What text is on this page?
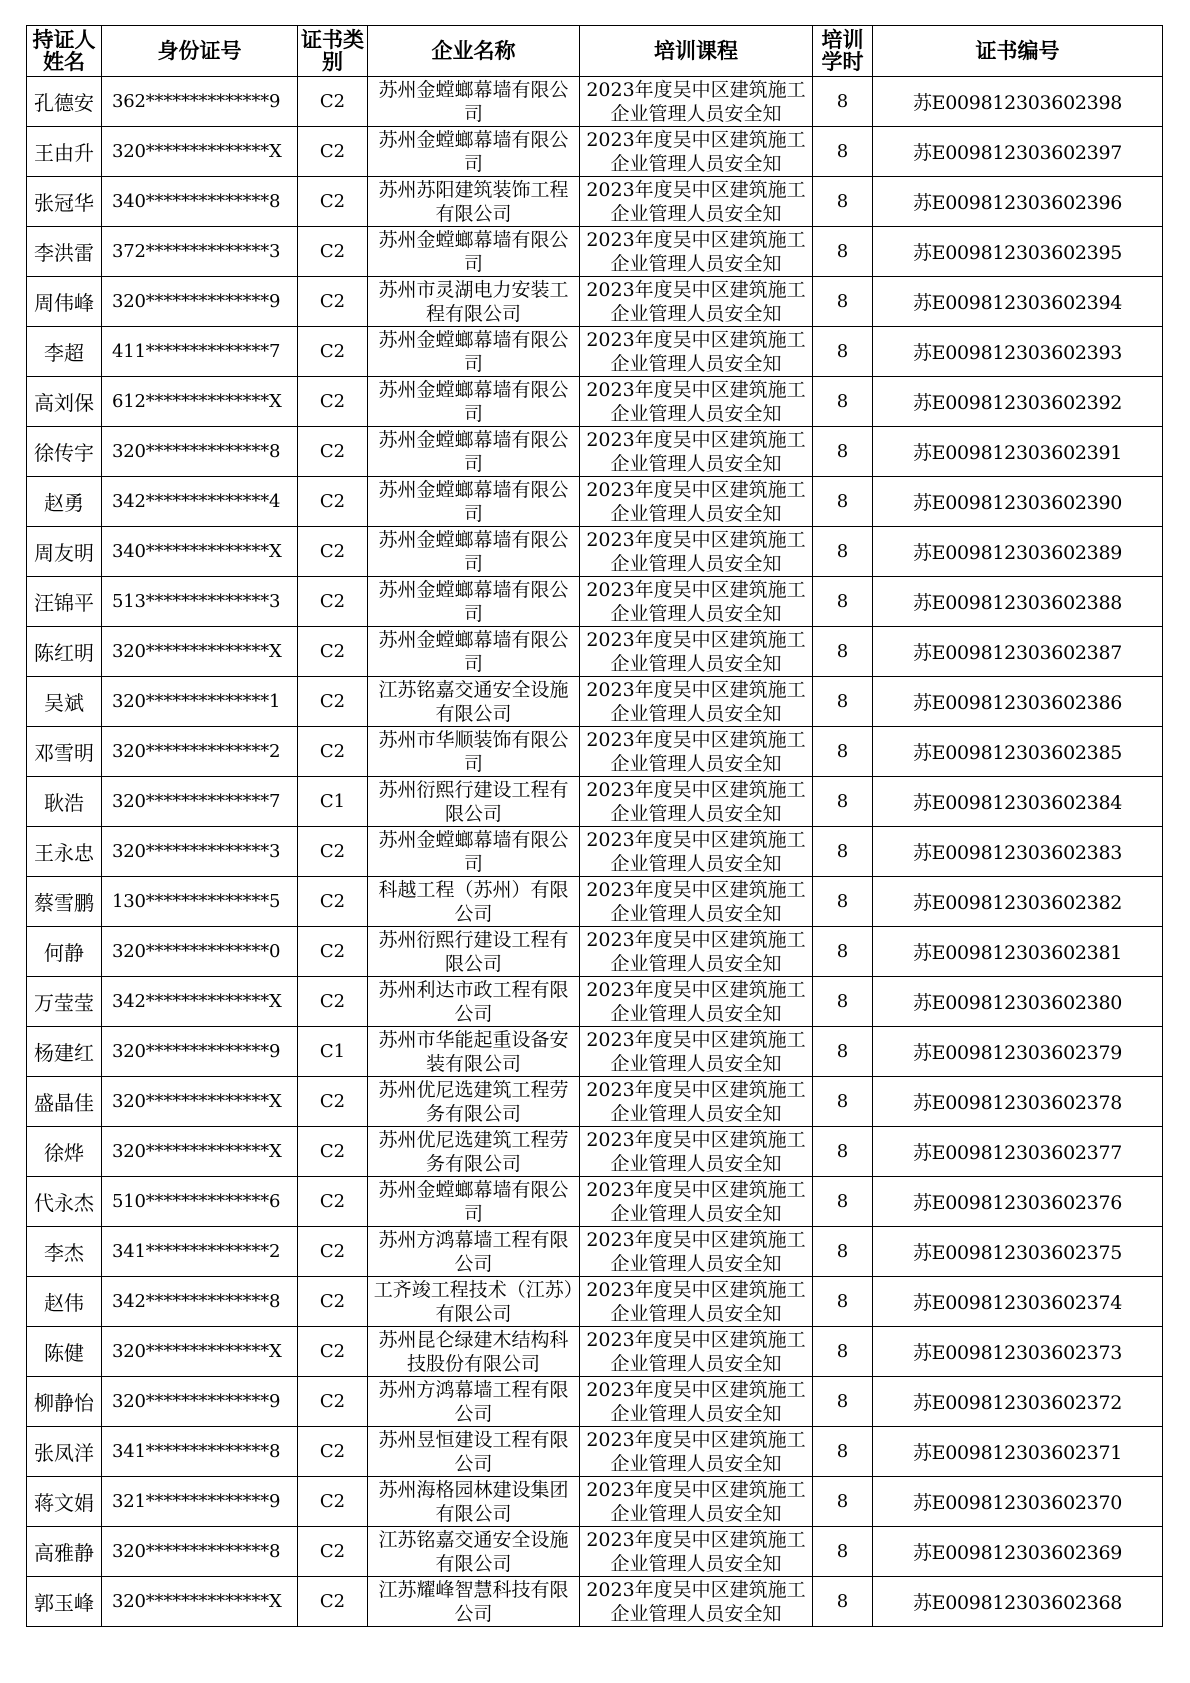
持证人姓名	身份证号	证书类别	企业名称	培训课程	培训学时	证书编号
孔德安	362**************9	C2	苏州金螳螂幕墙有限公司	2023年度吴中区建筑施工企业管理人员安全知	8	苏E009812303602398
王由升	320**************X	C2	苏州金螳螂幕墙有限公司	2023年度吴中区建筑施工企业管理人员安全知	8	苏E009812303602397
张冠华	340**************8	C2	苏州苏阳建筑装饰工程有限公司	2023年度吴中区建筑施工企业管理人员安全知	8	苏E009812303602396
李洪雷	372**************3	C2	苏州金螳螂幕墙有限公司	2023年度吴中区建筑施工企业管理人员安全知	8	苏E009812303602395
周伟峰	320**************9	C2	苏州市灵湖电力安装工程有限公司	2023年度吴中区建筑施工企业管理人员安全知	8	苏E009812303602394
李超	411**************7	C2	苏州金螳螂幕墙有限公司	2023年度吴中区建筑施工企业管理人员安全知	8	苏E009812303602393
高刘保	612**************X	C2	苏州金螳螂幕墙有限公司	2023年度吴中区建筑施工企业管理人员安全知	8	苏E009812303602392
徐传宇	320**************8	C2	苏州金螳螂幕墙有限公司	2023年度吴中区建筑施工企业管理人员安全知	8	苏E009812303602391
赵勇	342**************4	C2	苏州金螳螂幕墙有限公司	2023年度吴中区建筑施工企业管理人员安全知	8	苏E009812303602390
周友明	340**************X	C2	苏州金螳螂幕墙有限公司	2023年度吴中区建筑施工企业管理人员安全知	8	苏E009812303602389
汪锦平	513**************3	C2	苏州金螳螂幕墙有限公司	2023年度吴中区建筑施工企业管理人员安全知	8	苏E009812303602388
陈红明	320**************X	C2	苏州金螳螂幕墙有限公司	2023年度吴中区建筑施工企业管理人员安全知	8	苏E009812303602387
吴斌	320**************1	C2	江苏铭嘉交通安全设施有限公司	2023年度吴中区建筑施工企业管理人员安全知	8	苏E009812303602386
邓雪明	320**************2	C2	苏州市华顺装饰有限公司	2023年度吴中区建筑施工企业管理人员安全知	8	苏E009812303602385
耿浩	320**************7	C1	苏州衍熙行建设工程有限公司	2023年度吴中区建筑施工企业管理人员安全知	8	苏E009812303602384
王永忠	320**************3	C2	苏州金螳螂幕墙有限公司	2023年度吴中区建筑施工企业管理人员安全知	8	苏E009812303602383
蔡雪鹏	130**************5	C2	科越工程（苏州）有限公司	2023年度吴中区建筑施工企业管理人员安全知	8	苏E009812303602382
何静	320**************0	C2	苏州衍熙行建设工程有限公司	2023年度吴中区建筑施工企业管理人员安全知	8	苏E009812303602381
万莹莹	342**************X	C2	苏州利达市政工程有限公司	2023年度吴中区建筑施工企业管理人员安全知	8	苏E009812303602380
杨建红	320**************9	C1	苏州市华能起重设备安装有限公司	2023年度吴中区建筑施工企业管理人员安全知	8	苏E009812303602379
盛晶佳	320**************X	C2	苏州优尼选建筑工程劳务有限公司	2023年度吴中区建筑施工企业管理人员安全知	8	苏E009812303602378
徐烨	320**************X	C2	苏州优尼选建筑工程劳务有限公司	2023年度吴中区建筑施工企业管理人员安全知	8	苏E009812303602377
代永杰	510**************6	C2	苏州金螳螂幕墙有限公司	2023年度吴中区建筑施工企业管理人员安全知	8	苏E009812303602376
李杰	341**************2	C2	苏州方鸿幕墙工程有限公司	2023年度吴中区建筑施工企业管理人员安全知	8	苏E009812303602375
赵伟	342**************8	C2	工齐竣工程技术（江苏）有限公司	2023年度吴中区建筑施工企业管理人员安全知	8	苏E009812303602374
陈健	320**************X	C2	苏州昆仑绿建木结构科技股份有限公司	2023年度吴中区建筑施工企业管理人员安全知	8	苏E009812303602373
柳静怡	320**************9	C2	苏州方鸿幕墙工程有限公司	2023年度吴中区建筑施工企业管理人员安全知	8	苏E009812303602372
张凤洋	341**************8	C2	苏州昱恒建设工程有限公司	2023年度吴中区建筑施工企业管理人员安全知	8	苏E009812303602371
蒋文娟	321**************9	C2	苏州海格园林建设集团有限公司	2023年度吴中区建筑施工企业管理人员安全知	8	苏E009812303602370
高雅静	320**************8	C2	江苏铭嘉交通安全设施有限公司	2023年度吴中区建筑施工企业管理人员安全知	8	苏E009812303602369
郭玉峰	320**************X	C2	江苏耀峰智慧科技有限公司	2023年度吴中区建筑施工企业管理人员安全知	8	苏E009812303602368
